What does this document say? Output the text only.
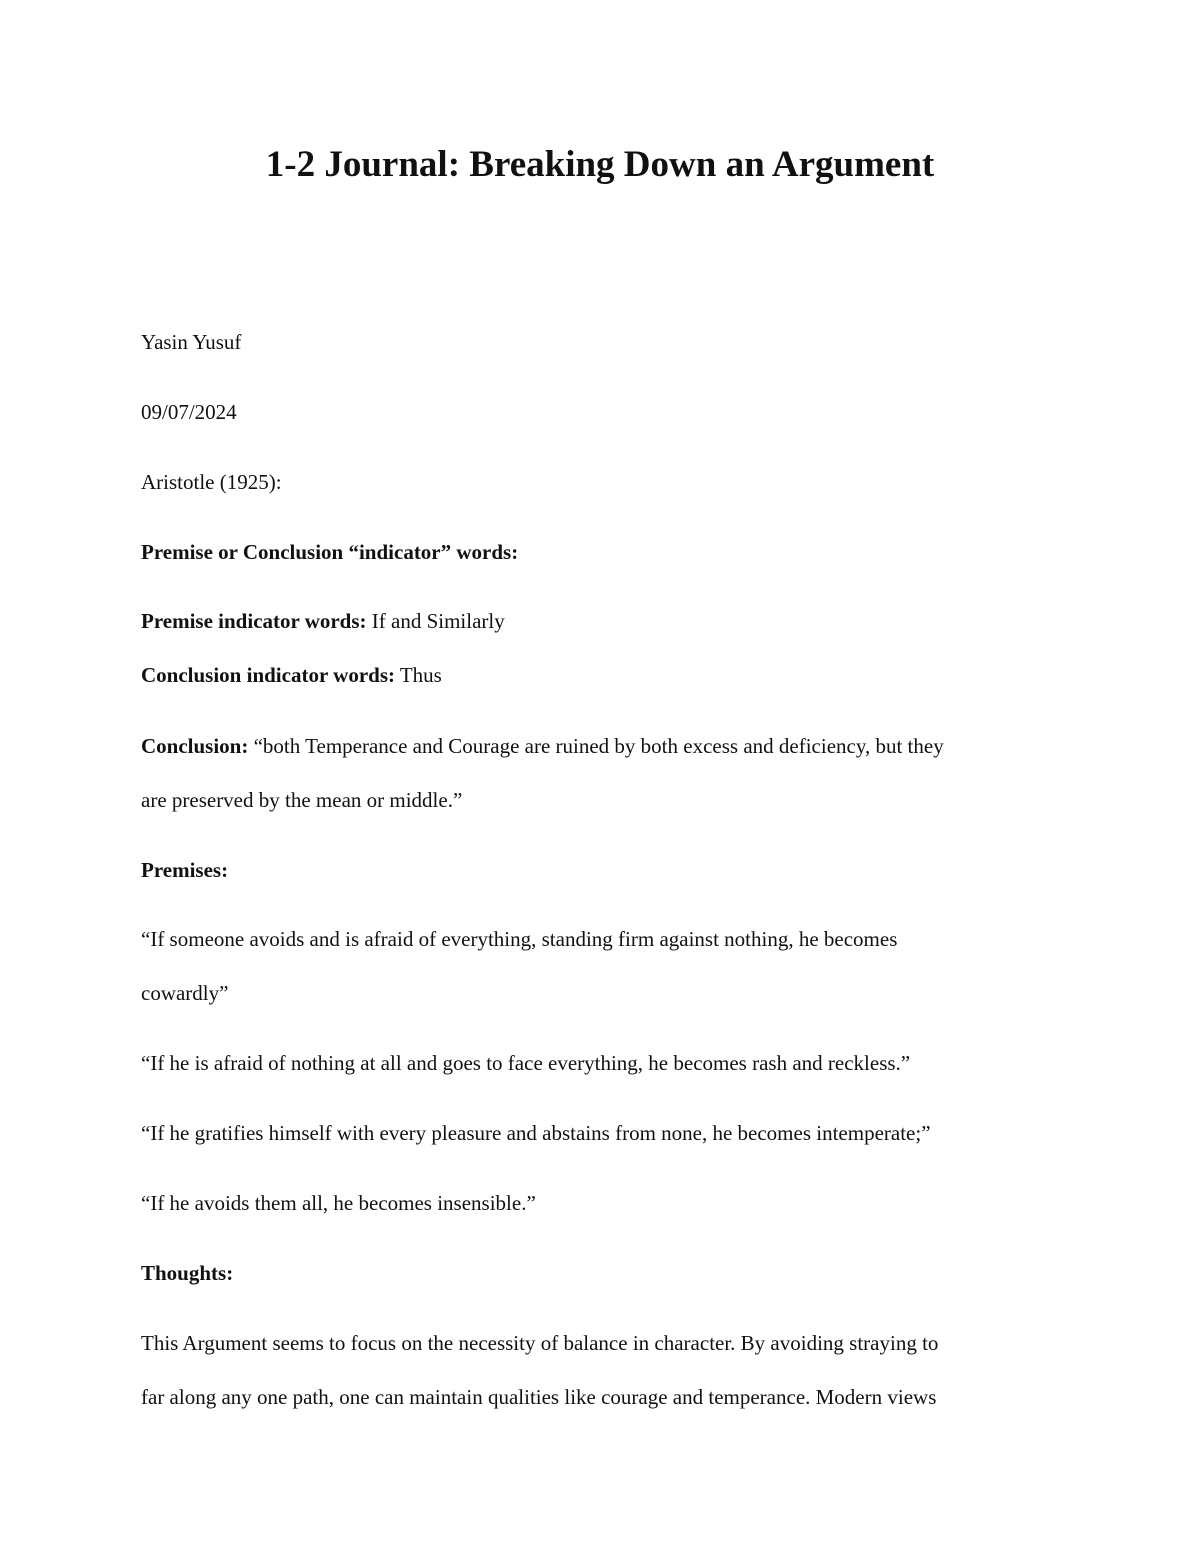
1-2 Journal: Breaking Down an Argument

Yasin Yusuf

09/07/2024

Aristotle (1925):

Premise or Conclusion “indicator” words:

Premise indicator words: If and Similarly

Conclusion indicator words: Thus

Conclusion: “both Temperance and Courage are ruined by both excess and deficiency, but they

are preserved by the mean or middle.”

Premises:

“If someone avoids and is afraid of everything, standing firm against nothing, he becomes

cowardly”

“If he is afraid of nothing at all and goes to face everything, he becomes rash and reckless.”

“If he gratifies himself with every pleasure and abstains from none, he becomes intemperate;”

“If he avoids them all, he becomes insensible.”

Thoughts:

This Argument seems to focus on the necessity of balance in character. By avoiding straying to

far along any one path, one can maintain qualities like courage and temperance. Modern views
